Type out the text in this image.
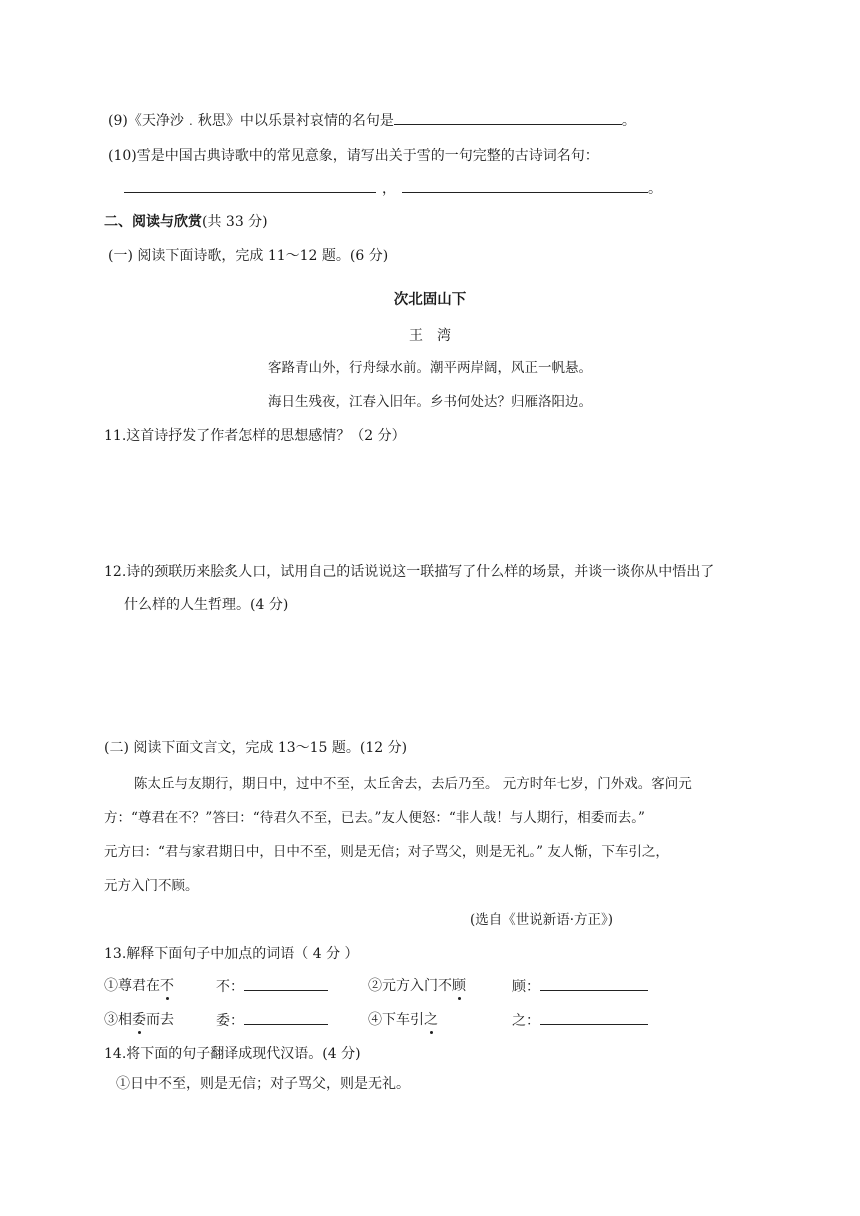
(9)《天净沙﹒秋思》中以乐景衬哀情的名句是	。
(10)雪是中国古典诗歌中的常见意象，请写出关于雪的一句完整的古诗词名句：
，	。
二、阅读与欣赏(共 33 分)
(一) 阅读下面诗歌，完成 11～12 题。(6 分)
次北固山下
王　湾
客路青山外，行舟绿水前。潮平两岸阔，风正一帆悬。
海日生残夜，江春入旧年。乡书何处达？归雁洛阳边。
11.这首诗抒发了作者怎样的思想感情？（2 分）
12.诗的颈联历来脍炙人口，试用自己的话说说这一联描写了什么样的场景，并谈一谈你从中悟出了
什么样的人生哲理。(4 分)
(二) 阅读下面文言文，完成 13～15 题。(12 分)
陈太丘与友期行，期日中，过中不至，太丘舍去，去后乃至。 元方时年七岁，门外戏。客问元
方：“尊君在不？”答曰：“待君久不至，已去。”友人便怒：“非人哉！与人期行，相委而去。”
元方曰：“君与家君期日中，日中不至，则是无信；对子骂父，则是无礼。” 友人惭，下车引之，
元方入门不顾。
(选自《世说新语·方正》)
13.解释下面句子中加点的词语（ 4 分 ）
①尊君在不	不：	②元方入门不顾	顾：
③相委而去	委：	④下车引之	之：
14.将下面的句子翻译成现代汉语。(4 分)
①日中不至，则是无信；对子骂父，则是无礼。
